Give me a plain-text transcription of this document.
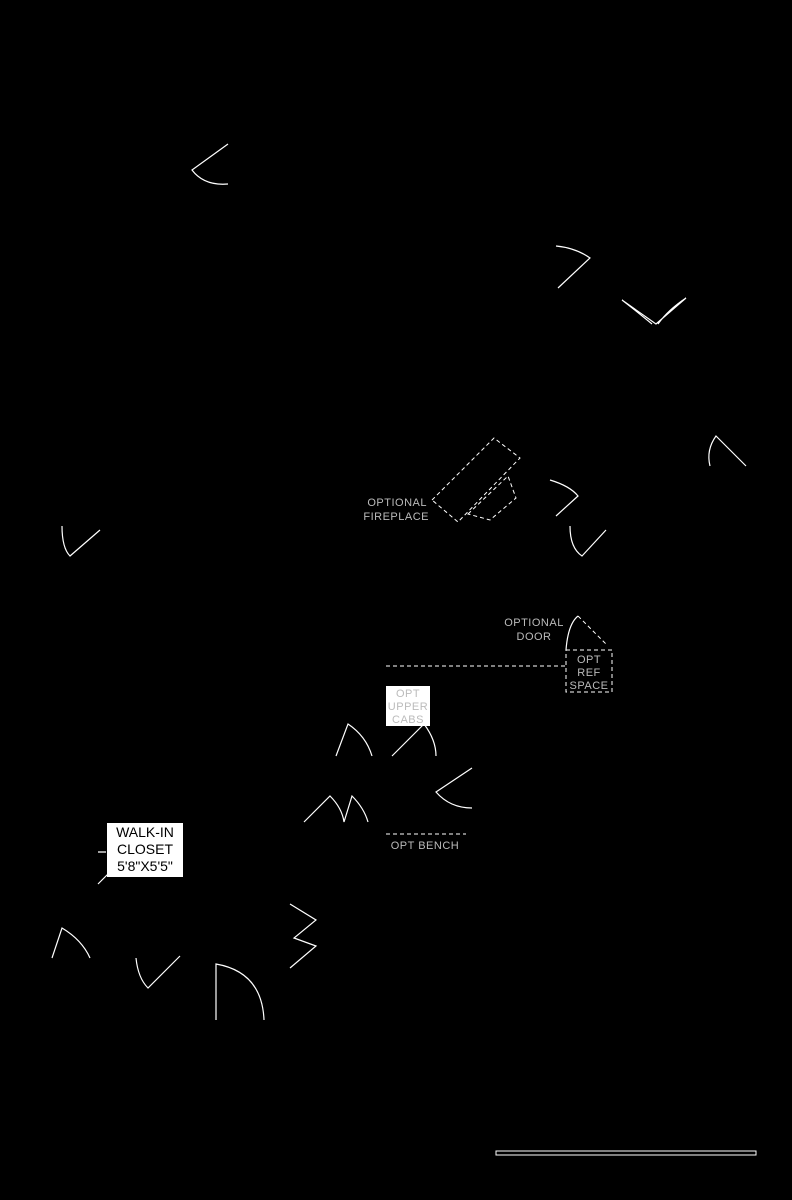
OPTIONAL
FIREPLACE
OPTIONAL
DOOR
OPT
REF
SPACE
OPT
UPPER
CABS
OPT BENCH
WALK-IN
CLOSET
5'8"X5'5"
